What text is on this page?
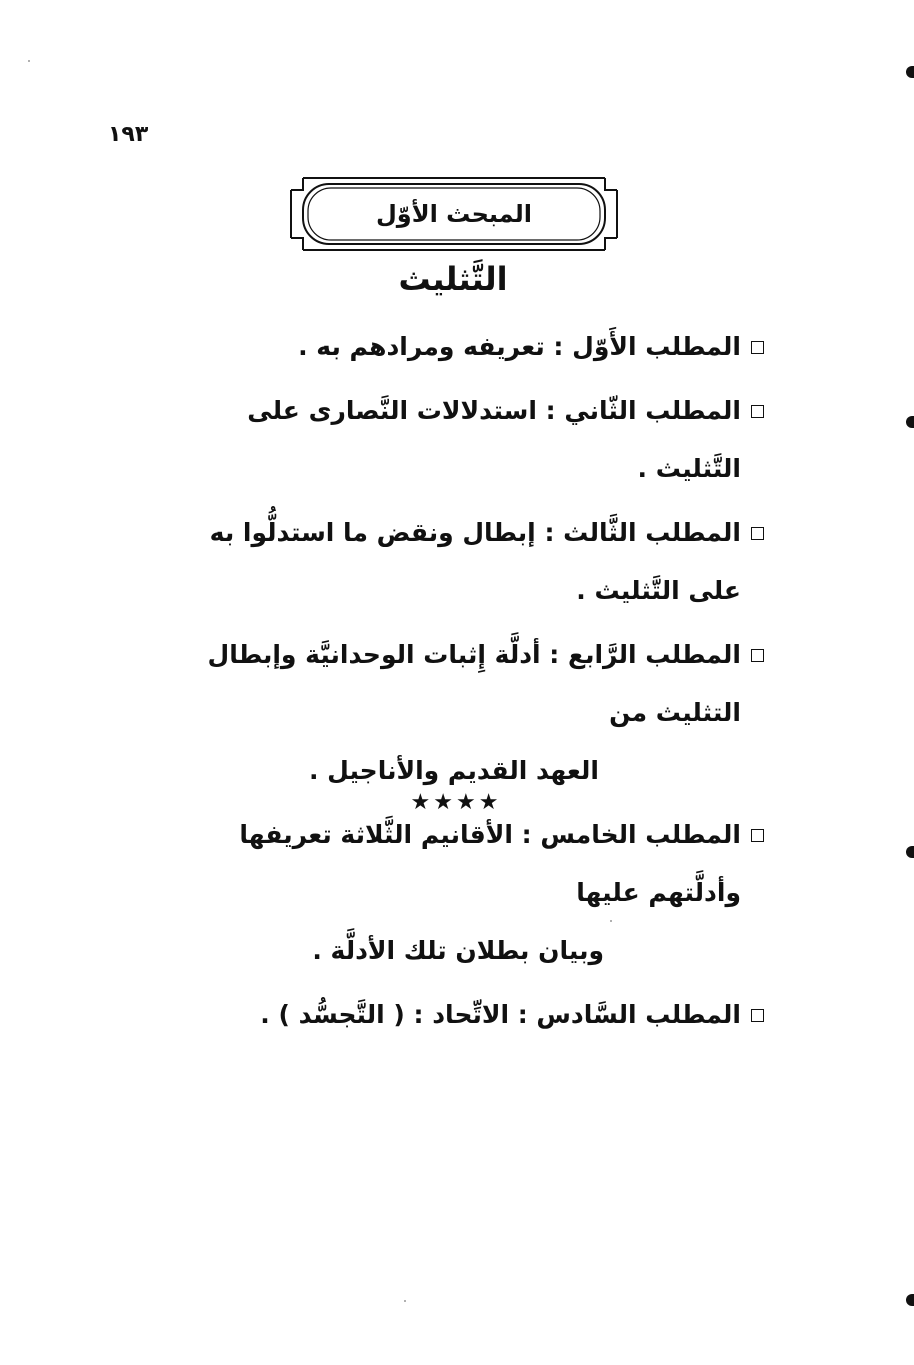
١٩٣
المبحث الأوّل
التَّثليث
المطلب الأَوّل : تعريفه ومرادهم به .
المطلب الثّاني : استدلالات النَّصارى على التَّثليث .
المطلب الثَّالث : إبطال ونقض ما استدلُّوا به على التَّثليث .
المطلب الرَّابع : أدلَّة إِثبات الوحدانيَّة وإبطال التثليث من
العهد القديم والأناجيل .
المطلب الخامس : الأقانيم الثَّلاثة تعريفها وأدلَّتهم عليها
وبيان بطلان تلك الأدلَّة .
المطلب السَّادس : الاتِّحاد : ( التَّجسُّد ) .
★★★★
